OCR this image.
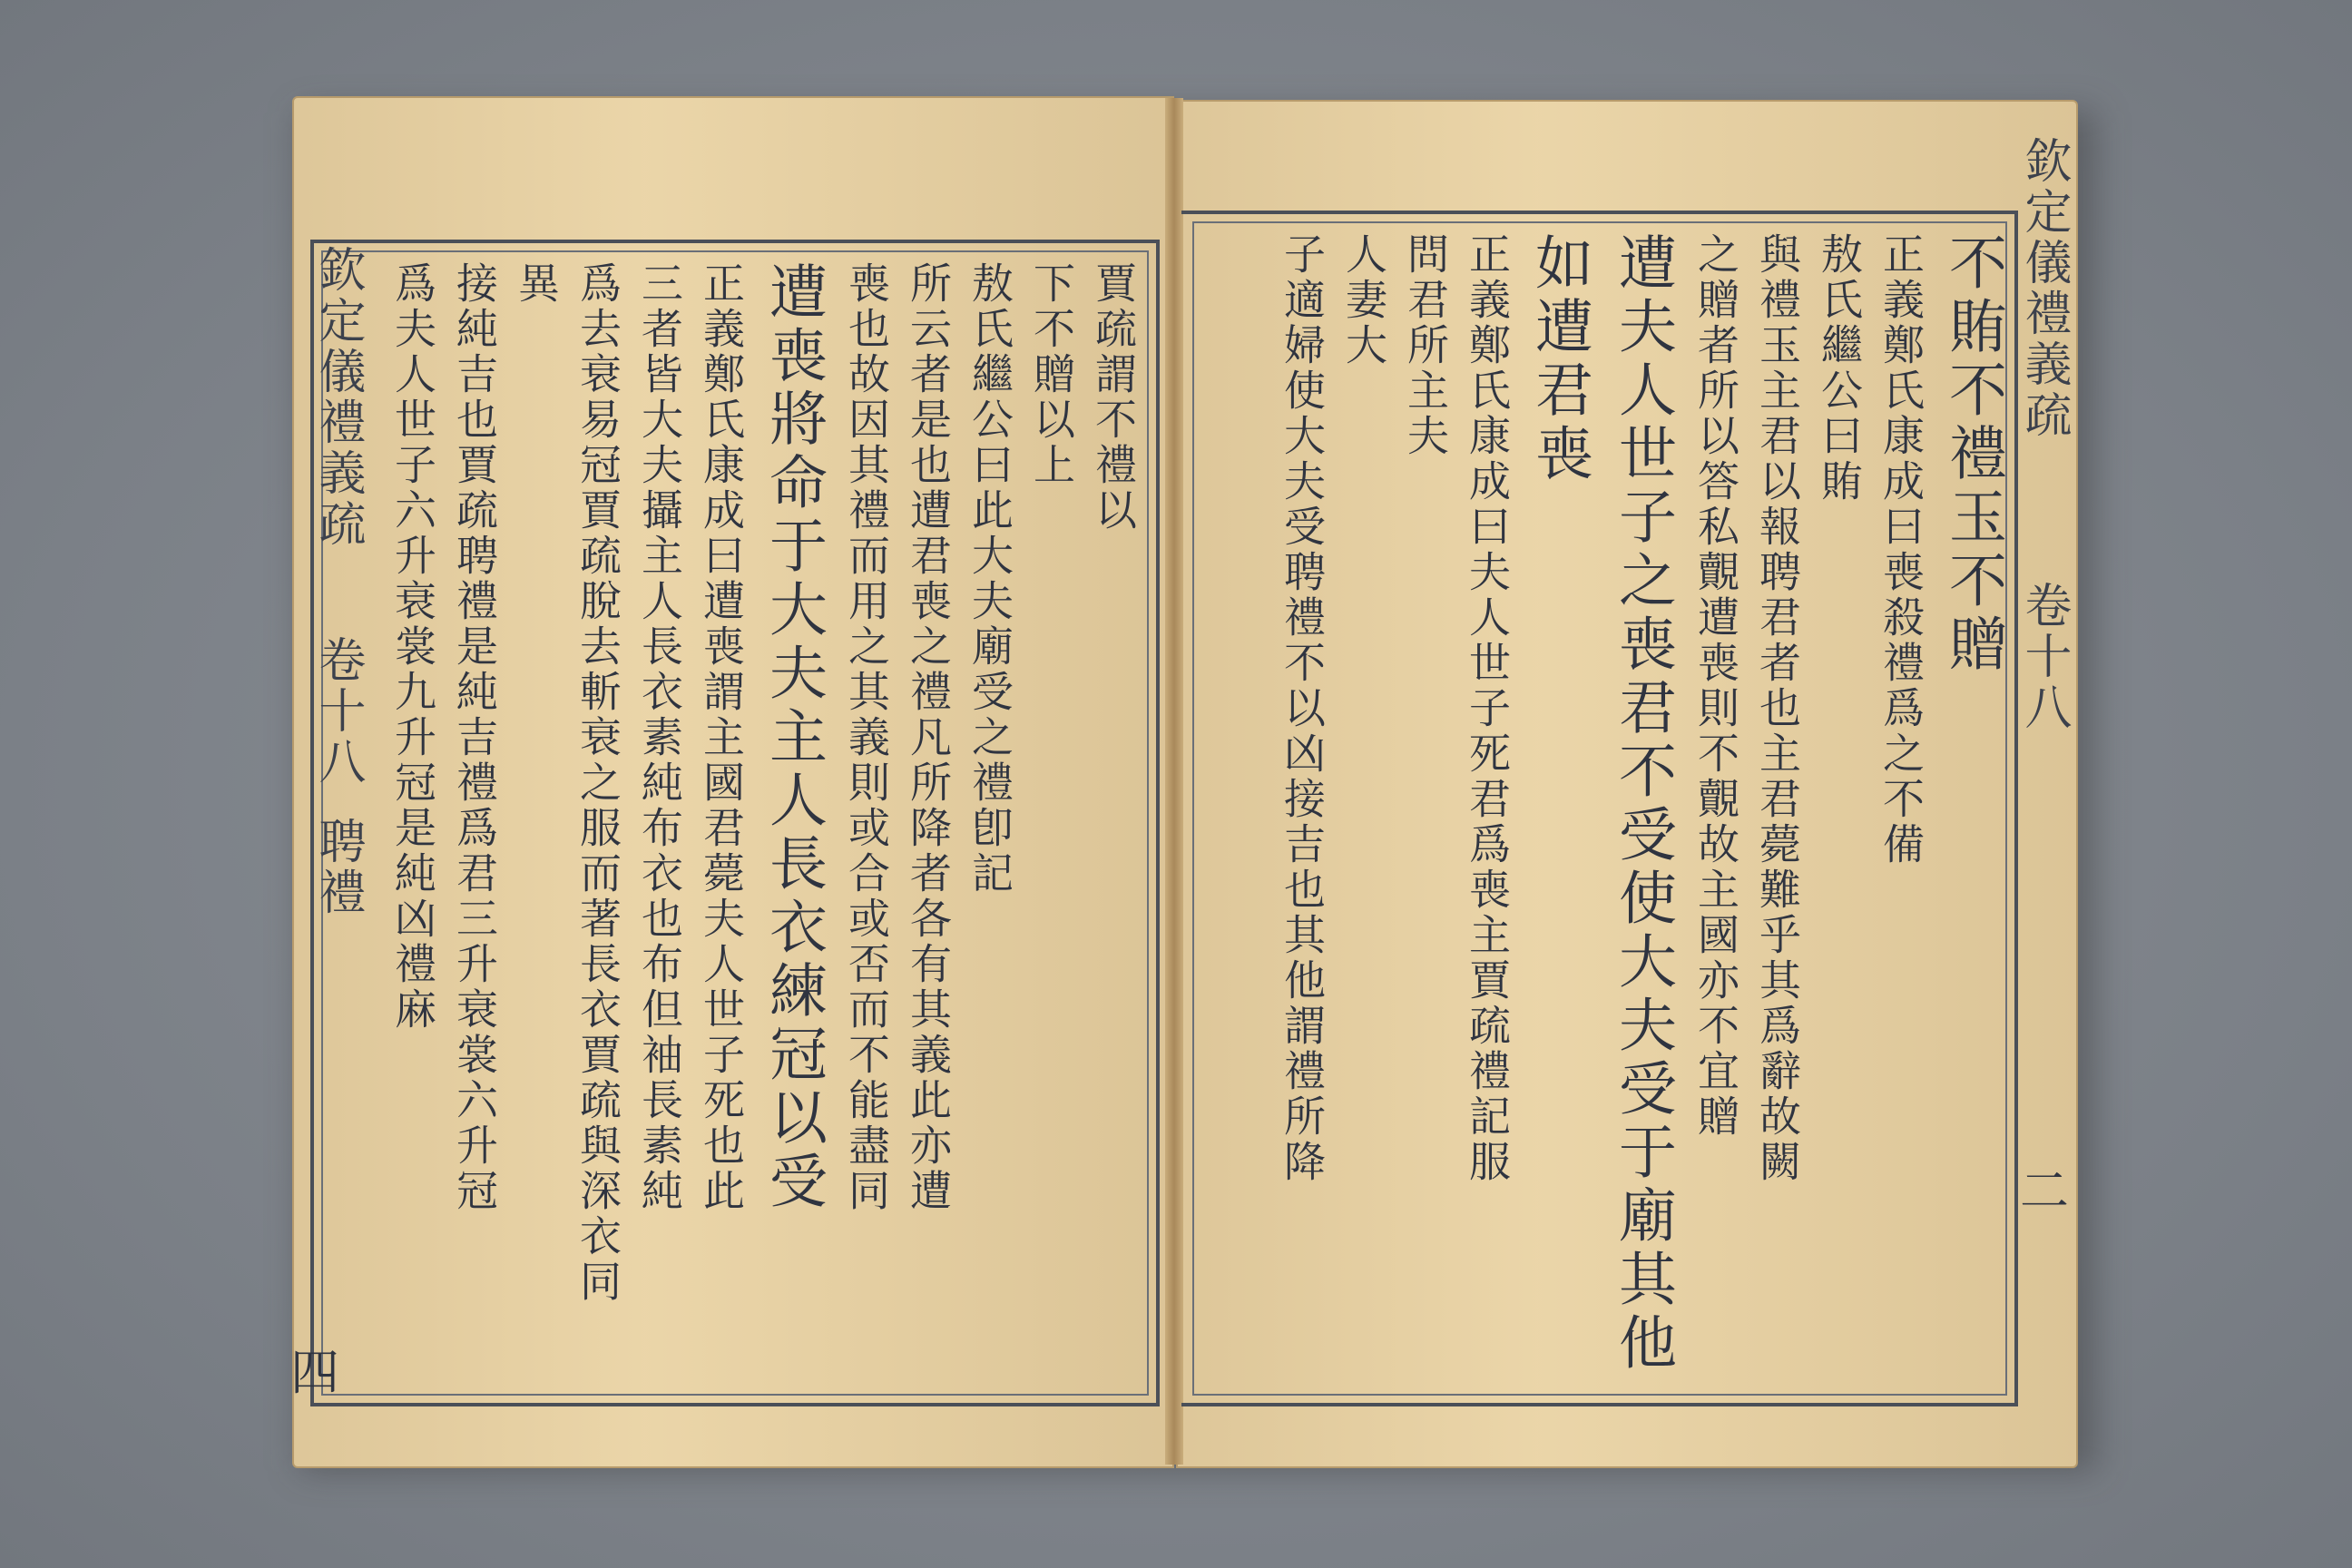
欽定儀禮義疏
卷十八
聘禮
四
賈疏謂不禮以
下不贈以上
敖氏繼公曰此大夫廟受之禮卽記
所云者是也遭君喪之禮凡所降者各有其義此亦遭
喪也故因其禮而用之其義則或合或否而不能盡同
遭喪將命于大夫主人長衣練冠以受
正義鄭氏康成曰遭喪謂主國君薨夫人世子死也此
三者皆大夫攝主人長衣素純布衣也布但袖長素純
爲去衰易冠賈疏脫去斬衰之服而著長衣賈疏與深衣同
異
接純吉也賈疏聘禮是純吉禮爲君三升衰裳六升冠
爲夫人世子六升衰裳九升冠是純凶禮麻	欽定儀禮義疏
卷十八
二
不賄不禮玉不贈
正義鄭氏康成曰喪殺禮爲之不備
敖氏繼公曰賄
與禮玉主君以報聘君者也主君薨難乎其爲辭故闕
之贈者所以答私覿遭喪則不覿故主國亦不宜贈
遭夫人世子之喪君不受使大夫受于廟其他
如遭君喪
正義鄭氏康成曰夫人世子死君爲喪主賈疏禮記服
問君所主夫
人妻大
子適婦使大夫受聘禮不以凶接吉也其他謂禮所降
